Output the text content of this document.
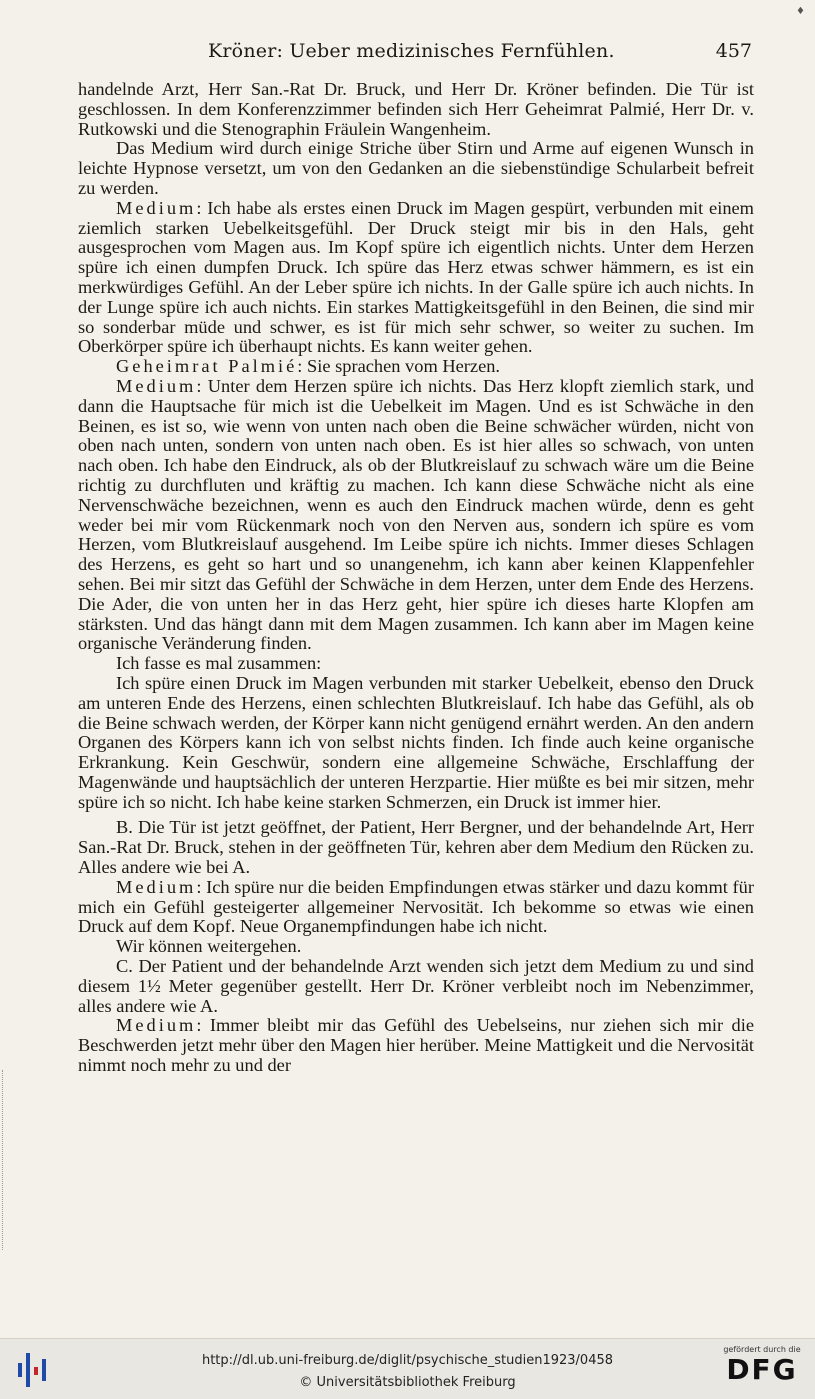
♦
Kröner: Ueber medizinisches Fernfühlen.	457

handelnde Arzt, Herr San.-Rat Dr. Bruck, und Herr Dr. Kröner befinden. Die Tür ist geschlossen. In dem Konferenzzimmer befinden sich Herr Geheimrat Palmié, Herr Dr. v. Rutkowski und die Stenographin Fräulein Wangenheim.

Das Medium wird durch einige Striche über Stirn und Arme auf eigenen Wunsch in leichte Hypnose versetzt, um von den Gedanken an die siebenstündige Schularbeit befreit zu werden.

Medium: Ich habe als erstes einen Druck im Magen gespürt, verbunden mit einem ziemlich starken Uebelkeitsgefühl. Der Druck steigt mir bis in den Hals, geht ausgesprochen vom Magen aus. Im Kopf spüre ich eigentlich nichts. Unter dem Herzen spüre ich einen dumpfen Druck. Ich spüre das Herz etwas schwer hämmern, es ist ein merkwürdiges Gefühl. An der Leber spüre ich nichts. In der Galle spüre ich auch nichts. In der Lunge spüre ich auch nichts. Ein starkes Mattigkeitsgefühl in den Beinen, die sind mir so sonderbar müde und schwer, es ist für mich sehr schwer, so weiter zu suchen. Im Oberkörper spüre ich überhaupt nichts. Es kann weiter gehen.

Geheimrat Palmié: Sie sprachen vom Herzen.

Medium: Unter dem Herzen spüre ich nichts. Das Herz klopft ziemlich stark, und dann die Hauptsache für mich ist die Uebelkeit im Magen. Und es ist Schwäche in den Beinen, es ist so, wie wenn von unten nach oben die Beine schwächer würden, nicht von oben nach unten, sondern von unten nach oben. Es ist hier alles so schwach, von unten nach oben. Ich habe den Eindruck, als ob der Blutkreislauf zu schwach wäre um die Beine richtig zu durchfluten und kräftig zu machen. Ich kann diese Schwäche nicht als eine Nervenschwäche bezeichnen, wenn es auch den Eindruck machen würde, denn es geht weder bei mir vom Rückenmark noch von den Nerven aus, sondern ich spüre es vom Herzen, vom Blutkreislauf ausgehend. Im Leibe spüre ich nichts. Immer dieses Schlagen des Herzens, es geht so hart und so unangenehm, ich kann aber keinen Klappenfehler sehen. Bei mir sitzt das Gefühl der Schwäche in dem Herzen, unter dem Ende des Herzens. Die Ader, die von unten her in das Herz geht, hier spüre ich dieses harte Klopfen am stärksten. Und das hängt dann mit dem Magen zusammen. Ich kann aber im Magen keine organische Veränderung finden.

Ich fasse es mal zusammen:

Ich spüre einen Druck im Magen verbunden mit starker Uebelkeit, ebenso den Druck am unteren Ende des Herzens, einen schlechten Blutkreislauf. Ich habe das Gefühl, als ob die Beine schwach werden, der Körper kann nicht genügend ernährt werden. An den andern Organen des Körpers kann ich von selbst nichts finden. Ich finde auch keine organische Erkrankung. Kein Geschwür, sondern eine allgemeine Schwäche, Erschlaffung der Magenwände und hauptsächlich der unteren Herzpartie. Hier müßte es bei mir sitzen, mehr spüre ich so nicht. Ich habe keine starken Schmerzen, ein Druck ist immer hier.

B. Die Tür ist jetzt geöffnet, der Patient, Herr Bergner, und der behandelnde Art, Herr San.-Rat Dr. Bruck, stehen in der geöffneten Tür, kehren aber dem Medium den Rücken zu. Alles andere wie bei A.

Medium: Ich spüre nur die beiden Empfindungen etwas stärker und dazu kommt für mich ein Gefühl gesteigerter allgemeiner Nervosität. Ich bekomme so etwas wie einen Druck auf dem Kopf. Neue Organempfindungen habe ich nicht.

Wir können weitergehen.

C. Der Patient und der behandelnde Arzt wenden sich jetzt dem Medium zu und sind diesem 1½ Meter gegenüber gestellt. Herr Dr. Kröner verbleibt noch im Nebenzimmer, alles andere wie A.

Medium: Immer bleibt mir das Gefühl des Uebelseins, nur ziehen sich mir die Beschwerden jetzt mehr über den Magen hier herüber. Meine Mattigkeit und die Nervosität nimmt noch mehr zu und der

http://dl.ub.uni-freiburg.de/diglit/psychische_studien1923/0458
© Universitätsbibliothek Freiburg
gefördert durch die
DFG
